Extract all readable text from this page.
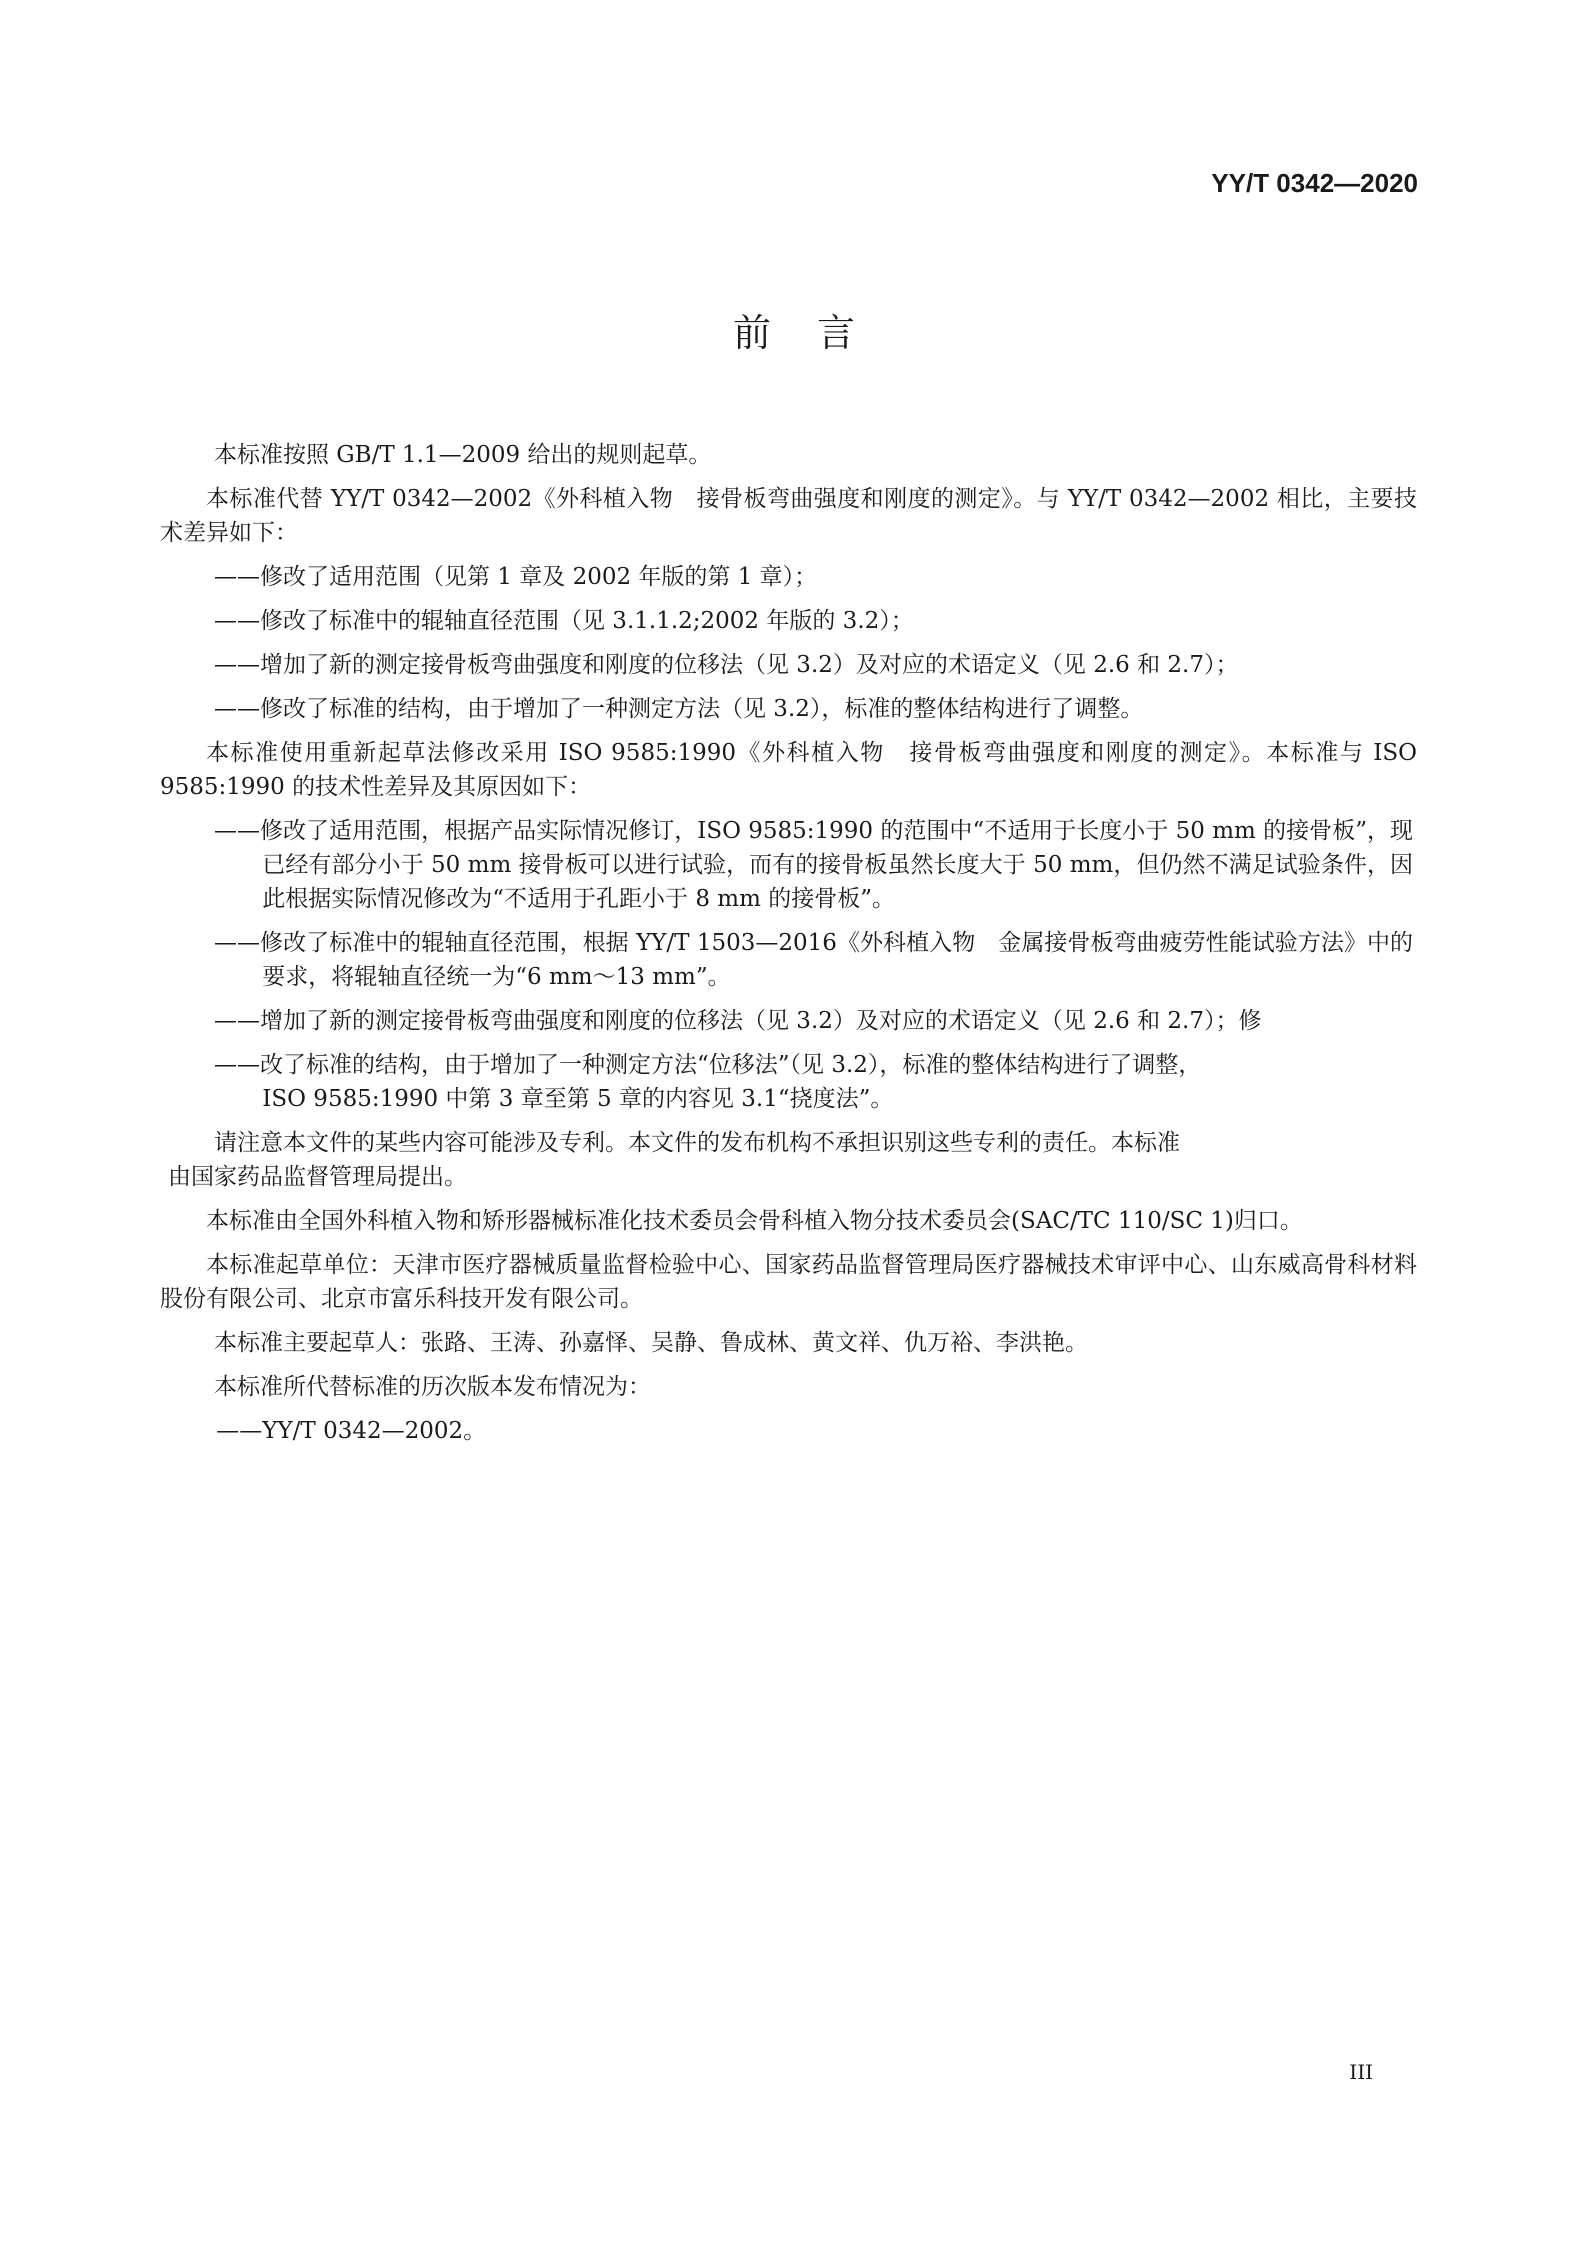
YY/T 0342—2020
前言

本标准按照 GB/T 1.1—2009 给出的规则起草。

本标准代替 YY/T 0342—2002《外科植入物　接骨板弯曲强度和刚度的测定》。与 YY/T 0342—2002 相比，主要技术差异如下：

——修改了适用范围（见第 1 章及 2002 年版的第 1 章）；

——修改了标准中的辊轴直径范围（见 3.1.1.2;2002 年版的 3.2）；

——增加了新的测定接骨板弯曲强度和刚度的位移法（见 3.2）及对应的术语定义（见 2.6 和 2.7）；

——修改了标准的结构，由于增加了一种测定方法（见 3.2），标准的整体结构进行了调整。

本标准使用重新起草法修改采用 ISO 9585:1990《外科植入物　接骨板弯曲强度和刚度的测定》。本标准与 ISO 9585:1990 的技术性差异及其原因如下：

——修改了适用范围，根据产品实际情况修订，ISO 9585:1990 的范围中“不适用于长度小于 50 mm 的接骨板”，现已经有部分小于 50 mm 接骨板可以进行试验，而有的接骨板虽然长度大于 50 mm，但仍然不满足试验条件，因此根据实际情况修改为“不适用于孔距小于 8 mm 的接骨板”。

——修改了标准中的辊轴直径范围，根据 YY/T 1503—2016《外科植入物　金属接骨板弯曲疲劳性能试验方法》中的要求，将辊轴直径统一为“6 mm～13 mm”。

——增加了新的测定接骨板弯曲强度和刚度的位移法（见 3.2）及对应的术语定义（见 2.6 和 2.7）；修

——改了标准的结构，由于增加了一种测定方法“位移法”（见 3.2），标准的整体结构进行了调整，

ISO 9585:1990 中第 3 章至第 5 章的内容见 3.1“挠度法”。

请注意本文件的某些内容可能涉及专利。本文件的发布机构不承担识别这些专利的责任。本标准

由国家药品监督管理局提出。

本标准由全国外科植入物和矫形器械标准化技术委员会骨科植入物分技术委员会(SAC/TC 110/SC 1)归口。

本标准起草单位：天津市医疗器械质量监督检验中心、国家药品监督管理局医疗器械技术审评中心、山东威高骨科材料股份有限公司、北京市富乐科技开发有限公司。

本标准主要起草人：张路、王涛、孙嘉怿、吴静、鲁成林、黄文祥、仇万裕、李洪艳。

本标准所代替标准的历次版本发布情况为：

——YY/T 0342—2002。

III
